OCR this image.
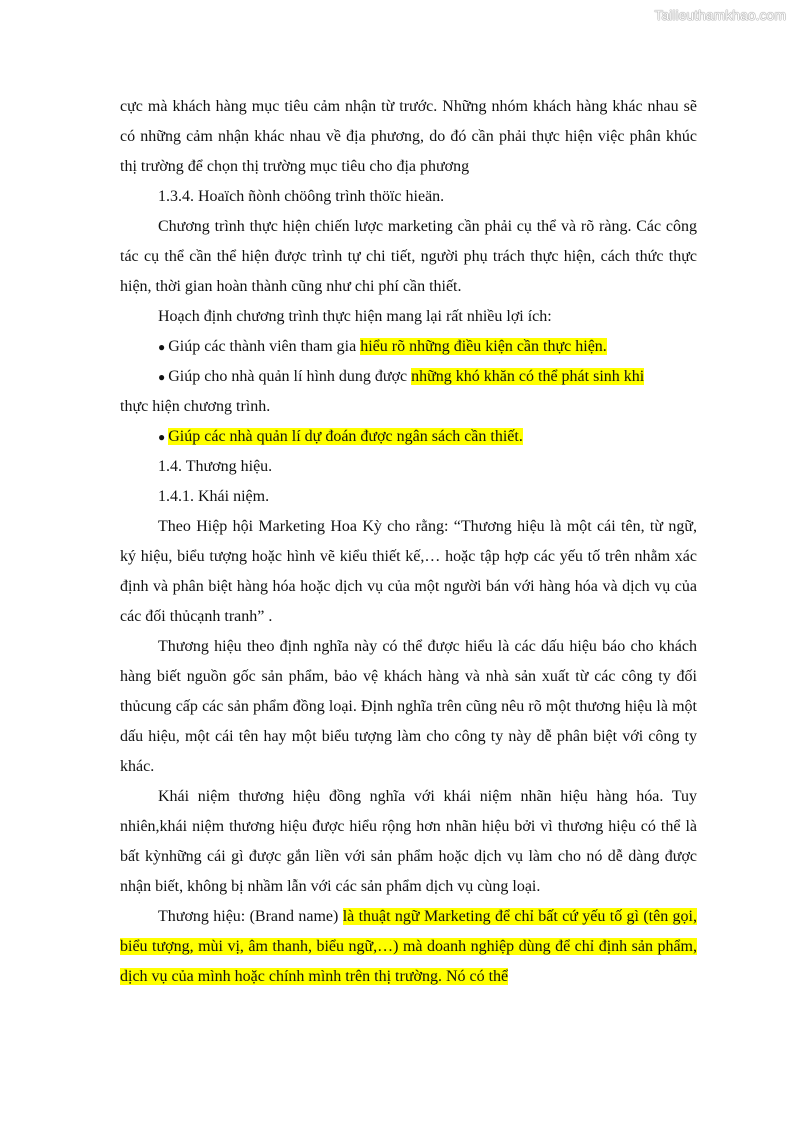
Tailieuthamkhao.com

cực mà khách hàng mục tiêu cảm nhận từ trước. Những nhóm khách hàng khác nhau sẽ có những cảm nhận khác nhau về địa phương, do đó cần phải thực hiện việc phân khúc thị trường để chọn thị trường mục tiêu cho địa phương

1.3.4. Hoaïch ñònh chöông trình thöïc hieän.

Chương trình thực hiện chiến lược marketing cần phải cụ thể và rõ ràng. Các công tác cụ thể cần thể hiện được trình tự chi tiết, người phụ trách thực hiện, cách thức thực hiện, thời gian hoàn thành cũng như chi phí cần thiết.

Hoạch định chương trình thực hiện mang lại rất nhiều lợi ích:

● Giúp các thành viên tham gia hiểu rõ những điều kiện cần thực hiện.

● Giúp cho nhà quản lí hình dung được những khó khăn có thể phát sinh khi

thực hiện chương trình.

● Giúp các nhà quản lí dự đoán được ngân sách cần thiết.

1.4. Thương hiệu.

1.4.1. Khái niệm.

Theo Hiệp hội Marketing Hoa Kỳ cho rằng: “Thương hiệu là một cái tên, từ ngữ, ký hiệu, biểu tượng hoặc hình vẽ kiểu thiết kế,… hoặc tập hợp các yếu tố trên nhằm xác định và phân biệt hàng hóa hoặc dịch vụ của một người bán với hàng hóa và dịch vụ của các đối thủcạnh tranh” .

Thương hiệu theo định nghĩa này có thể được hiểu là các dấu hiệu báo cho khách hàng biết nguồn gốc sản phẩm, bảo vệ khách hàng và nhà sản xuất từ các công ty đối thủcung cấp các sản phẩm đồng loại. Định nghĩa trên cũng nêu rõ một thương hiệu là một dấu hiệu, một cái tên hay một biểu tượng làm cho công ty này dễ phân biệt với công ty khác.

Khái niệm thương hiệu đồng nghĩa với khái niệm nhãn hiệu hàng hóa. Tuy nhiên,khái niệm thương hiệu được hiểu rộng hơn nhãn hiệu bởi vì thương hiệu có thể là bất kỳnhững cái gì được gắn liền với sản phẩm hoặc dịch vụ làm cho nó dễ dàng được nhận biết, không bị nhầm lẫn với các sản phẩm dịch vụ cùng loại.

Thương hiệu: (Brand name) là thuật ngữ Marketing để chỉ bất cứ yếu tố gì (tên gọi, biểu tượng, mùi vị, âm thanh, biểu ngữ,…) mà doanh nghiệp dùng để chỉ định sản phẩm, dịch vụ của mình hoặc chính mình trên thị trường. Nó có thể
